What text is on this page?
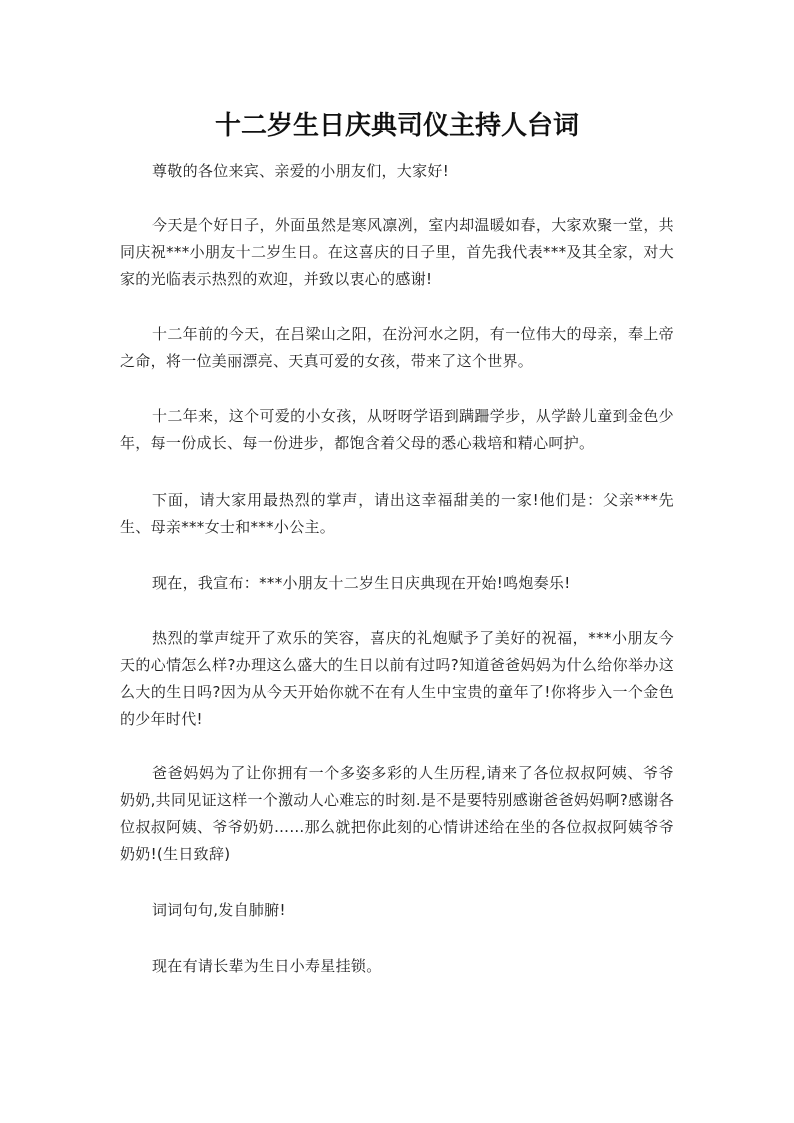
十二岁生日庆典司仪主持人台词

尊敬的各位来宾、亲爱的小朋友们，大家好!

今天是个好日子，外面虽然是寒风凛冽，室内却温暖如春，大家欢聚一堂，共同庆祝***小朋友十二岁生日。在这喜庆的日子里，首先我代表***及其全家，对大家的光临表示热烈的欢迎，并致以衷心的感谢!

十二年前的今天，在吕梁山之阳，在汾河水之阴，有一位伟大的母亲，奉上帝之命，将一位美丽漂亮、天真可爱的女孩，带来了这个世界。

十二年来，这个可爱的小女孩，从呀呀学语到蹒跚学步，从学龄儿童到金色少年，每一份成长、每一份进步，都饱含着父母的悉心栽培和精心呵护。

下面，请大家用最热烈的掌声，请出这幸福甜美的一家!他们是：父亲***先生、母亲***女士和***小公主。

现在，我宣布：***小朋友十二岁生日庆典现在开始!鸣炮奏乐!

热烈的掌声绽开了欢乐的笑容，喜庆的礼炮赋予了美好的祝福，***小朋友今天的心情怎么样?办理这么盛大的生日以前有过吗?知道爸爸妈妈为什么给你举办这么大的生日吗?因为从今天开始你就不在有人生中宝贵的童年了!你将步入一个金色的少年时代!

爸爸妈妈为了让你拥有一个多姿多彩的人生历程,请来了各位叔叔阿姨、爷爷奶奶,共同见证这样一个激动人心难忘的时刻.是不是要特别感谢爸爸妈妈啊?感谢各位叔叔阿姨、爷爷奶奶……那么就把你此刻的心情讲述给在坐的各位叔叔阿姨爷爷奶奶!(生日致辞)

词词句句,发自肺腑!

现在有请长辈为生日小寿星挂锁。
